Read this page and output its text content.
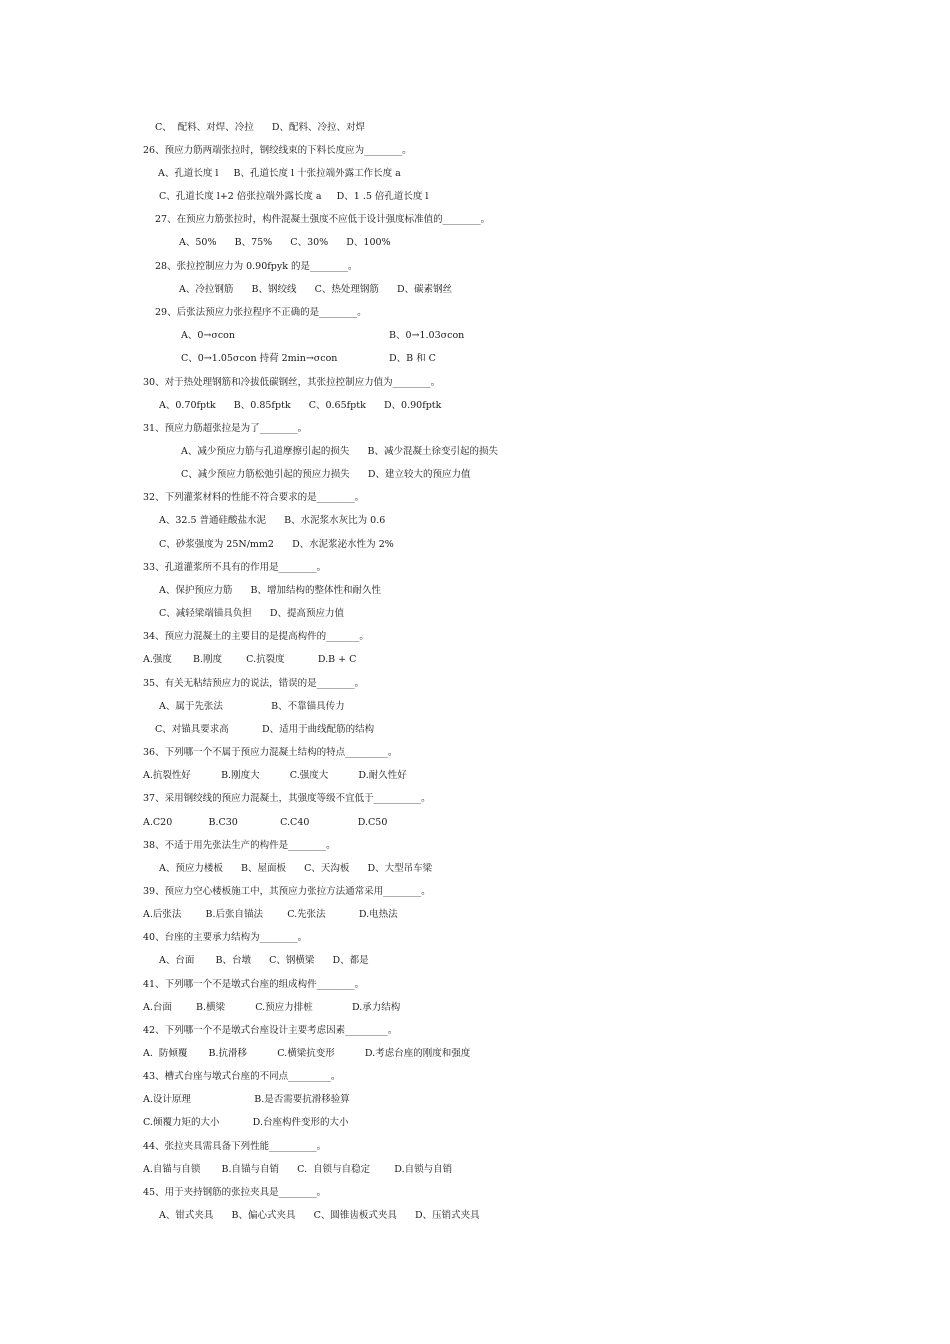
C、  配料、对焊、冷拉      D、配料、冷拉、对焊
26、预应力筋两端张拉时，钢绞线束的下料长度应为________。
A、孔道长度 l     B、孔道长度 l 十张拉端外露工作长度 a
C、孔道长度 l+2 倍张拉端外露长度 a     D、1 .5 倍孔道长度 l
27、在预应力筋张拉时，构件混凝土强度不应低于设计强度标准值的________。
A、50%      B、75%      C、30%      D、100%
28、张拉控制应力为 0.90fpyk 的是________。
A、冷拉钢筋      B、钢绞线      C、热处理钢筋      D、碳素钢丝
29、后张法预应力张拉程序不正确的是________。
A、0→σcon	B、0→1.03σcon
C、0→1.05σcon 持荷 2min→σcon	D、B 和 C
30、对于热处理钢筋和冷拔低碳钢丝，其张拉控制应力值为________。
A、0.70fptk      B、0.85fptk      C、0.65fptk      D、0.90fptk
31、预应力筋超张拉是为了________。
A、减少预应力筋与孔道摩擦引起的损失      B、减少混凝土徐变引起的损失
C、减少预应力筋松弛引起的预应力损失      D、建立较大的预应力值
32、下列灌浆材料的性能不符合要求的是________。
A、32.5 普通硅酸盐水泥      B、水泥浆水灰比为 0.6
C、砂浆强度为 25N/mm2      D、水泥浆泌水性为 2%
33、孔道灌浆所不具有的作用是________。
A、保护预应力筋      B、增加结构的整体性和耐久性
C、减轻梁端锚具负担      D、提高预应力值
34、预应力混凝土的主要目的是提高构件的_______。
A.强度       B.刚度        C.抗裂度           D.B + C
35、有关无粘结预应力的说法，错误的是________。
A、属于先张法                B、不靠锚具传力
C、对锚具要求高           D、适用于曲线配筋的结构
36、下列哪一个不属于预应力混凝土结构的特点_________。
A.抗裂性好          B.刚度大          C.强度大          D.耐久性好
37、采用钢绞线的预应力混凝土，其强度等级不宜低于__________。
A.C20            B.C30              C.C40                D.C50
38、不适于用先张法生产的构件是________。
A、预应力楼板      B、屋面板      C、天沟板      D、大型吊车梁
39、预应力空心楼板施工中，其预应力张拉方法通常采用________。
A.后张法        B.后张自锚法        C.先张法           D.电热法
40、台座的主要承力结构为________。
A、台面       B、台墩      C、钢横梁      D、都是
41、下列哪一个不是墩式台座的组成构件________。
A.台面        B.横梁          C.预应力排桩             D.承力结构
42、下列哪一个不是墩式台座设计主要考虑因素_________。
A.  防倾覆       B.抗滑移          C.横梁抗变形          D.考虑台座的刚度和强度
43、槽式台座与墩式台座的不同点_________。
A.设计原理                     B.是否需要抗滑移验算
C.倾覆力矩的大小           D.台座构件变形的大小
44、张拉夹具需具备下列性能__________。
A.自锚与自锁       B.自锚与自销      C.  自锁与自稳定        D.自锁与自销
45、用于夹持钢筋的张拉夹具是________。
A、钳式夹具      B、偏心式夹具      C、圆锥齿板式夹具      D、压销式夹具
